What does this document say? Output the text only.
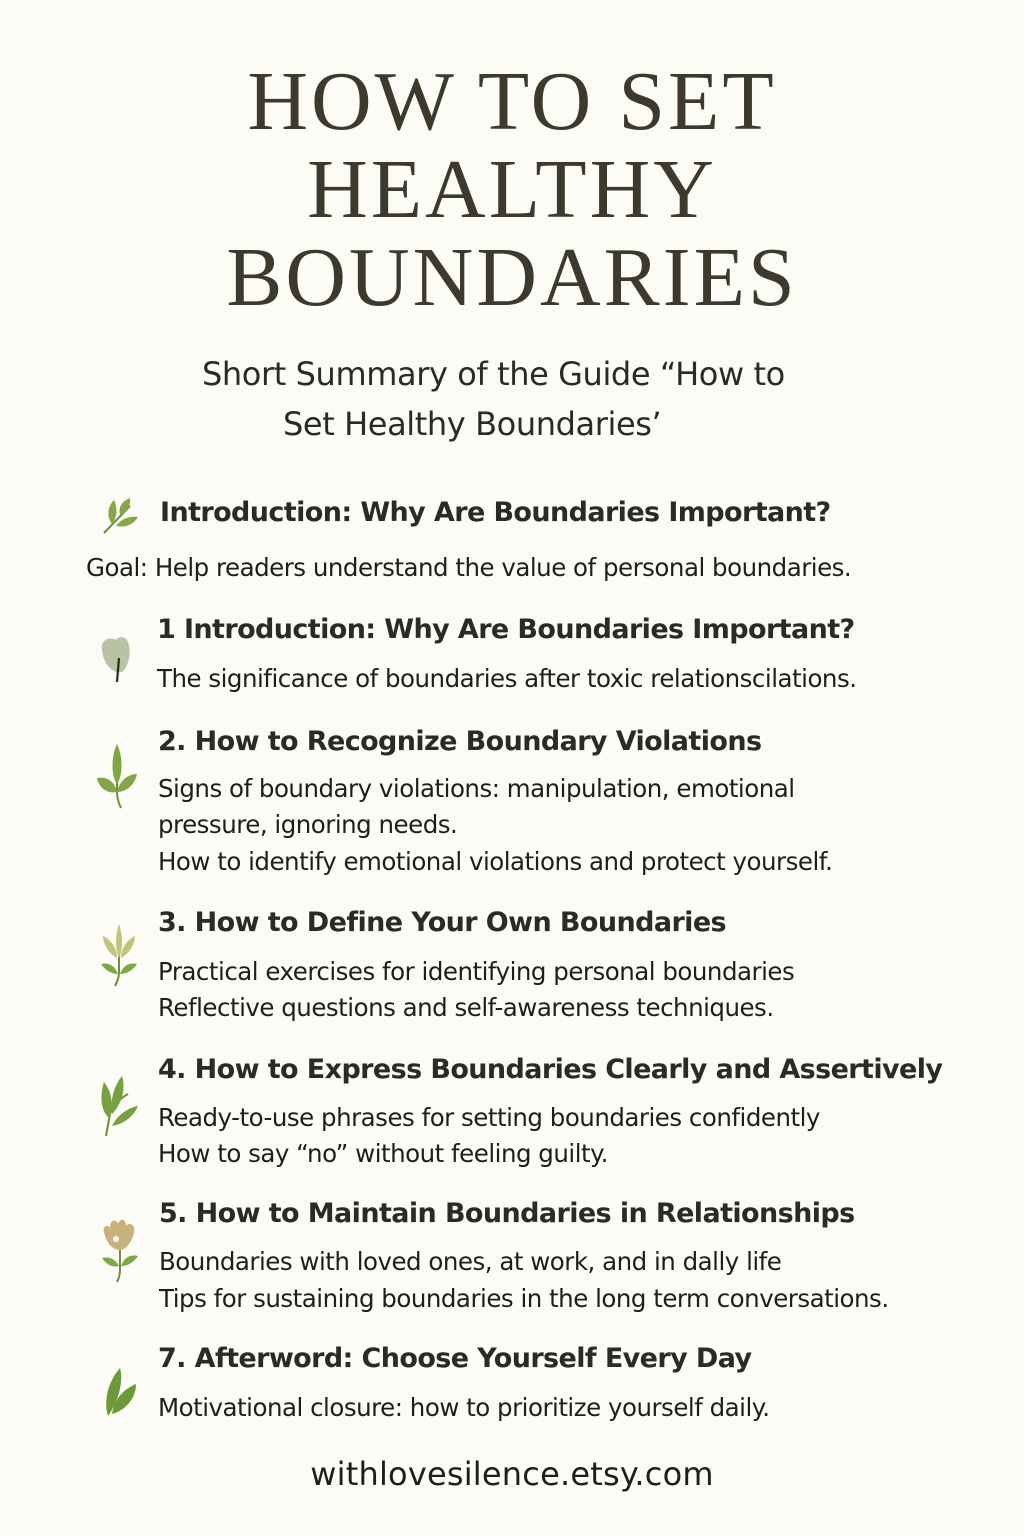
HOW TO SET
HEALTHY
BOUNDARIES
Short Summary of the Guide “How to
Set Healthy Boundaries’
Introduction: Why Are Boundaries Important?
Goal: Help readers understand the value of personal boundaries.
1 Introduction: Why Are Boundaries Important?
The significance of boundaries after toxic relationscilations.
2. How to Recognize Boundary Violations
Signs of boundary violations: manipulation, emotional
pressure, ignoring needs.
How to identify emotional violations and protect yourself.
3. How to Define Your Own Boundaries
Practical exercises for identifying personal boundaries
Reflective questions and self-awareness techniques.
4. How to Express Boundaries Clearly and Assertively
Ready-to-use phrases for setting boundaries confidently
How to say “no” without feeling guilty.
5. How to Maintain Boundaries in Relationships
Boundaries with loved ones, at work, and in dally life
Tips for sustaining boundaries in the long term conversations.
7. Afterword: Choose Yourself Every Day
Motivational closure: how to prioritize yourself daily.
withlovesilence.etsy.com
